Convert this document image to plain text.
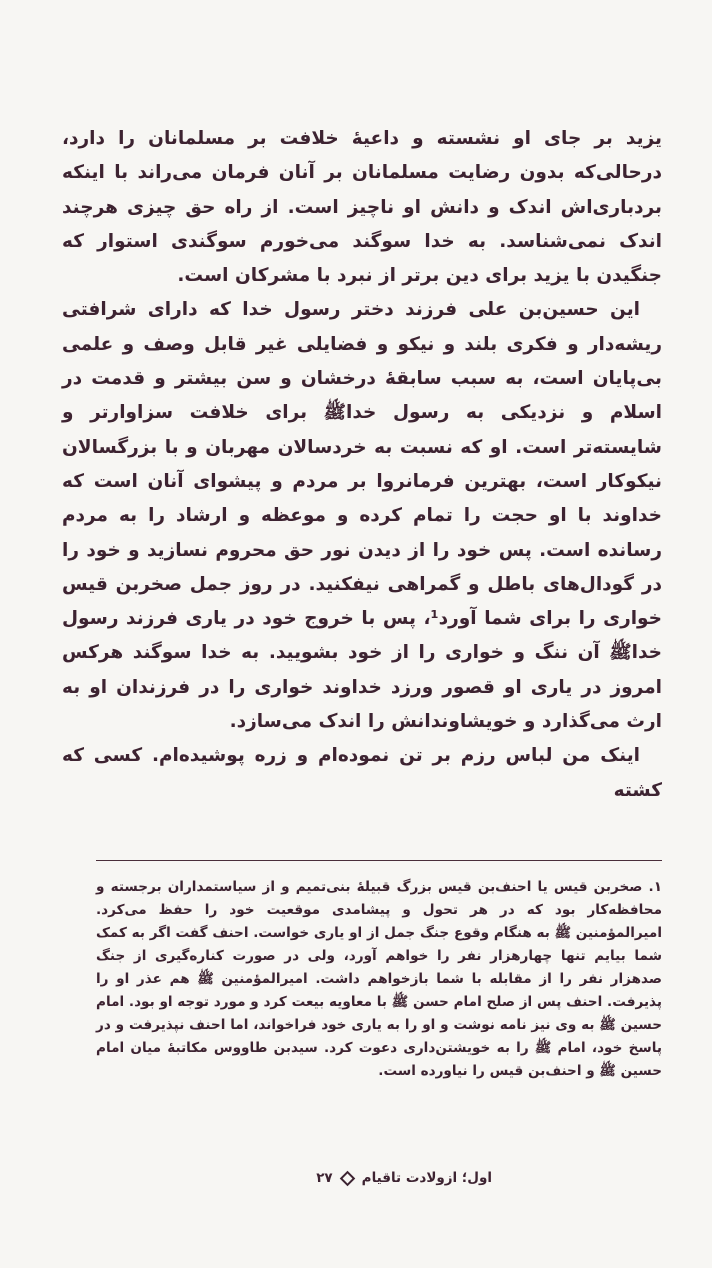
یزید بر جای او نشسته و داعیهٔ خلافت بر مسلمانان را دارد، درحالی‌که بدون رضایت مسلمانان بر آنان فرمان می‌راند با اینکه بردباری‌اش اندک و دانش او ناچیز است. از راه حق چیزی هرچند اندک نمی‌شناسد. به خدا سوگند می‌خورم سوگندی استوار که جنگیدن با یزید برای دین برتر از نبرد با مشرکان است.

این حسین‌بن علی فرزند دختر رسول خدا که دارای شرافتی ریشه‌دار و فکری بلند و نیکو و فضایلی غیر قابل وصف و علمی بی‌پایان است، به سبب سابقهٔ درخشان و سن بیشتر و قدمت در اسلام و نزدیکی به رسول خداﷺ برای خلافت سزاوارتر و شایسته‌تر است. او که نسبت به خردسالان مهربان و با بزرگسالان نیکوکار است، بهترین فرمانروا بر مردم و پیشوای آنان است که خداوند با او حجت را تمام کرده و موعظه و ارشاد را به مردم رسانده است. پس خود را از دیدن نور حق محروم نسازید و خود را در گودال‌های باطل و گمراهی نیفکنید. در روز جمل صخربن قیس خواری را برای شما آورد¹، پس با خروج خود در یاری فرزند رسول خداﷺ آن ننگ و خواری را از خود بشویید. به خدا سوگند هرکس امروز در یاری او قصور ورزد خداوند خواری را در فرزندان او به ارث می‌گذارد و خویشاوندانش را اندک می‌سازد.

اینک من لباس رزم بر تن نموده‌ام و زره پوشیده‌ام. کسی که کشته

۱. صخربن قیس یا احنف‌بن قیس بزرگ قبیلهٔ بنی‌تمیم و از سیاستمداران برجسته و محافظه‌کار بود که در هر تحول و پیشامدی موقعیت خود را حفظ می‌کرد. امیرالمؤمنین ﷺ به هنگام وقوع جنگ جمل از او یاری خواست. احنف گفت اگر به کمک شما بیایم تنها چهارهزار نفر را خواهم آورد، ولی در صورت کناره‌گیری از جنگ صدهزار نفر را از مقابله با شما بازخواهم داشت. امیرالمؤمنین ﷺ هم عذر او را پذیرفت. احنف پس از صلح امام حسن ﷺ با معاویه بیعت کرد و مورد توجه او بود. امام حسین ﷺ به وی نیز نامه نوشت و او را به یاری خود فراخواند، اما احنف نپذیرفت و در پاسخ خود، امام ﷺ را به خویشتن‌داری دعوت کرد. سیدبن طاووس مکاتبهٔ میان امام حسین ﷺ و احنف‌بن قیس را نیاورده است.

اول؛ ازولادت تاقیام۲۷
